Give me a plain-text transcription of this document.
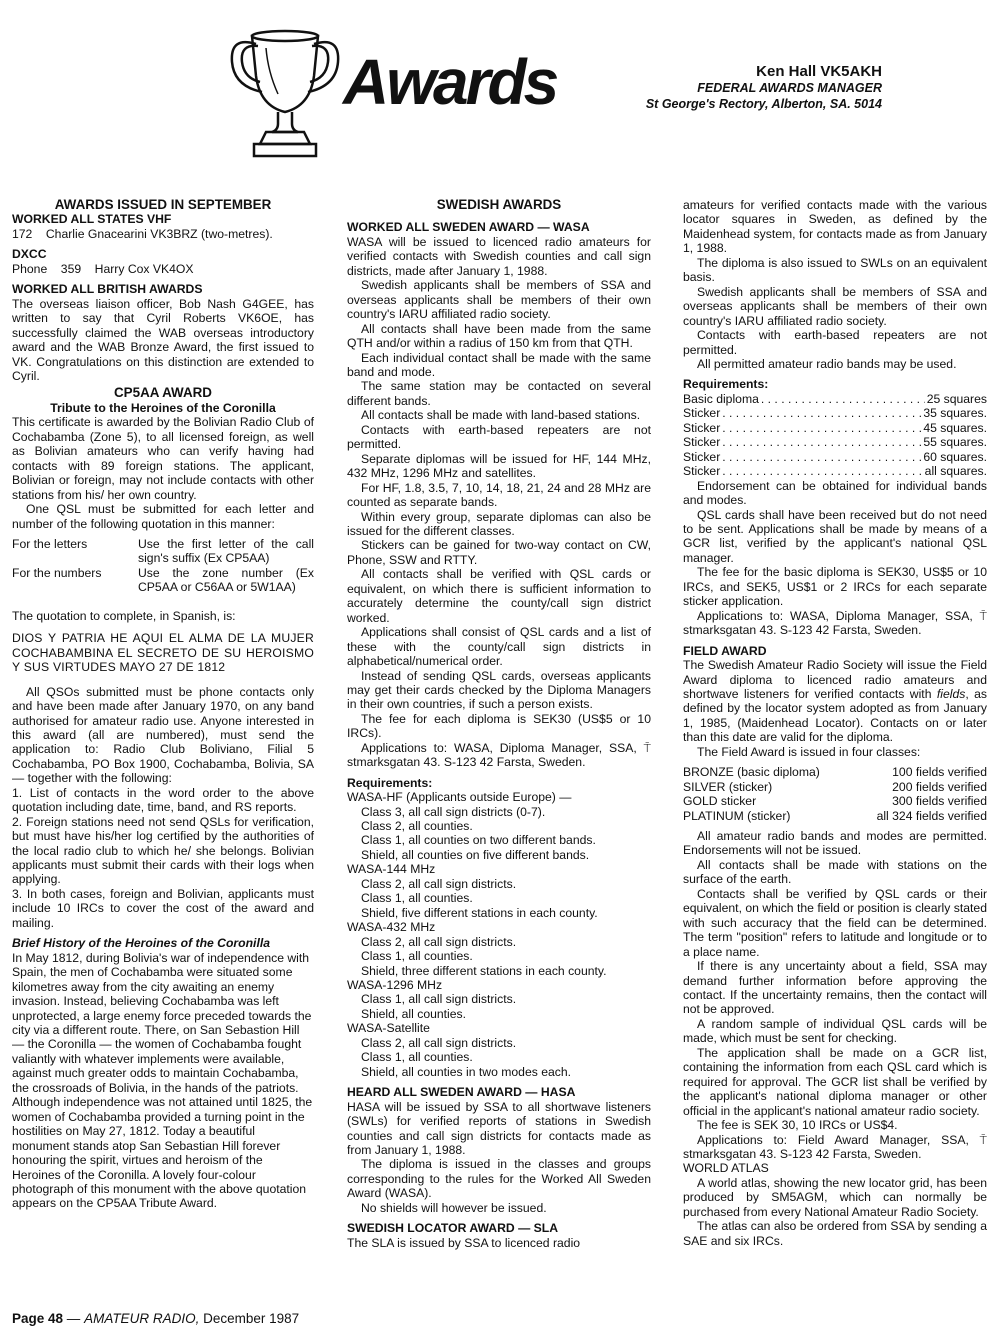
Awards	Ken Hall VK5AKH
FEDERAL AWARDS MANAGER
St George's Rectory, Alberton, SA. 5014

AWARDS ISSUED IN SEPTEMBER

WORKED ALL STATES VHF

172    Charlie Gnacearini VK3BRZ (two-metres).

DXCC

Phone    359    Harry Cox VK4OX

WORKED ALL BRITISH AWARDS

The overseas liaison officer, Bob Nash G4GEE, has written to say that Cyril Roberts VK6OE, has successfully claimed the WAB overseas introductory award and the WAB Bronze Award, the first issued to VK. Congratulations on this distinction are extended to Cyril.

CP5AA AWARD

Tribute to the Heroines of the Coronilla

This certificate is awarded by the Bolivian Radio Club of Cochabamba (Zone 5), to all licensed foreign, as well as Bolivian amateurs who can verify having had contacts with 89 foreign stations. The applicant, Bolivian or foreign, may not include contacts with other stations from his/ her own country.

One QSL must be submitted for each letter and number of the following quotation in this manner:

For the letters	Use the first letter of the call sign's suffix (Ex CP5AA)
For the numbers	Use the zone number (Ex CP5AA or C56AA or 5W1AA)

The quotation to complete, in Spanish, is:

DIOS Y PATRIA HE AQUI EL ALMA DE LA MUJER COCHABAMBINA EL SECRETO DE SU HEROISMO Y SUS VIRTUDES MAYO 27 DE 1812

All QSOs submitted must be phone contacts only and have been made after January 1970, on any band authorised for amateur radio use. Anyone interested in this award (all are numbered), must send the application to: Radio Club Boliviano, Filial 5 Cochabamba, PO Box 1900, Cochabamba, Bolivia, SA — together with the following:

1. List of contacts in the word order to the above quotation including date, time, band, and RS reports.

2. Foreign stations need not send QSLs for verification, but must have his/her log certified by the authorities of the local radio club to which he/ she belongs. Bolivian applicants must submit their cards with their logs when applying.

3. In both cases, foreign and Bolivian, applicants must include 10 IRCs to cover the cost of the award and mailing.

Brief History of the Heroines of the Coronilla

In May 1812, during Bolivia's war of independence with Spain, the men of Cochabamba were situated some kilometres away from the city awaiting an enemy invasion. Instead, believing Cochabamba was left unprotected, a large enemy force preceded towards the city via a different route. There, on San Sebastion Hill — the Coronilla — the women of Cochabamba fought valiantly with whatever implements were available, against much greater odds to maintain Cochabamba, the crossroads of Bolivia, in the hands of the patriots. Although independence was not attained until 1825, the women of Cochabamba provided a turning point in the hostilities on May 27, 1812. Today a beautiful monument stands atop San Sebastian Hill forever honouring the spirit, virtues and heroism of the Heroines of the Coronilla. A lovely four-colour photograph of this monument with the above quotation appears on the CP5AA Tribute Award.

SWEDISH AWARDS

WORKED ALL SWEDEN AWARD — WASA

WASA will be issued to licenced radio amateurs for verified contacts with Swedish counties and call sign districts, made after January 1, 1988.

Swedish applicants shall be members of SSA and overseas applicants shall be members of their own country's IARU affiliated radio society.

All contacts shall have been made from the same QTH and/or within a radius of 150 km from that QTH.

Each individual contact shall be made with the same band and mode.

The same station may be contacted on several different bands.

All contacts shall be made with land-based stations.

Contacts with earth-based repeaters are not permitted.

Separate diplomas will be issued for HF, 144 MHz, 432 MHz, 1296 MHz and satellites.

For HF, 1.8, 3.5, 7, 10, 14, 18, 21, 24 and 28 MHz are counted as separate bands.

Within every group, separate diplomas can also be issued for the different classes.

Stickers can be gained for two-way contact on CW, Phone, SSW and RTTY.

All contacts shall be verified with QSL cards or equivalent, on which there is sufficient information to accurately determine the county/call sign district worked.

Applications shall consist of QSL cards and a list of these with the county/call sign districts in alphabetical/numerical order.

Instead of sending QSL cards, overseas applicants may get their cards checked by the Diploma Managers in their own countries, if such a person exists.

The fee for each diploma is SEK30 (US$5 or 10 IRCs).

Applications to: WASA, Diploma Manager, SSA, ⍑ stmarksgatan 43. S-123 42 Farsta, Sweden.

Requirements:

WASA-HF (Applicants outside Europe) —

Class 3, all call sign districts (0-7).

Class 2, all counties.

Class 1, all counties on two different bands.

Shield, all counties on five different bands.

WASA-144 MHz

Class 2, all call sign districts.

Class 1, all counties.

Shield, five different stations in each county.

WASA-432 MHz

Class 2, all call sign districts.

Class 1, all counties.

Shield, three different stations in each county.

WASA-1296 MHz

Class 1, all call sign districts.

Shield, all counties.

WASA-Satellite

Class 2, all call sign districts.

Class 1, all counties.

Shield, all counties in two modes each.

HEARD ALL SWEDEN AWARD — HASA

HASA will be issued by SSA to all shortwave listeners (SWLs) for verified reports of stations in Swedish counties and call sign districts for contacts made as from January 1, 1988.

The diploma is issued in the classes and groups corresponding to the rules for the Worked All Sweden Award (WASA).

No shields will however be issued.

SWEDISH LOCATOR AWARD — SLA

The SLA is issued by SSA to licenced radio

amateurs for verified contacts made with the various locator squares in Sweden, as defined by the Maidenhead system, for contacts made as from January 1, 1988.

The diploma is also issued to SWLs on an equivalent basis.

Swedish applicants shall be members of SSA and overseas applicants shall be members of their own country's IARU affiliated radio society.

Contacts with earth-based repeaters are not permitted.

All permitted amateur radio bands may be used.

Requirements:

Basic diploma . . .	25 squares
Sticker . . .	35 squares.
Sticker . . .	45 squares.
Sticker . . .	55 squares.
Sticker . . .	60 squares.
Sticker . . .	all squares.

Endorsement can be obtained for individual bands and modes.

QSL cards shall have been received but do not need to be sent. Applications shall be made by means of a GCR list, verified by the applicant's national QSL manager.

The fee for the basic diploma is SEK30, US$5 or 10 IRCs, and SEK5, US$1 or 2 IRCs for each separate sticker application.

Applications to: WASA, Diploma Manager, SSA, ⍑ stmarksgatan 43. S-123 42 Farsta, Sweden.

FIELD AWARD

The Swedish Amateur Radio Society will issue the Field Award diploma to licenced radio amateurs and shortwave listeners for verified contacts with fields, as defined by the locator system adopted as from January 1, 1985, (Maidenhead Locator). Contacts on or later than this date are valid for the diploma.

The Field Award is issued in four classes:

BRONZE (basic diploma)	100 fields verified
SILVER (sticker)	200 fields verified
GOLD sticker	300 fields verified
PLATINUM (sticker)	all 324 fields verified

All amateur radio bands and modes are permitted. Endorsements will not be issued.

All contacts shall be made with stations on the surface of the earth.

Contacts shall be verified by QSL cards or their equivalent, on which the field or position is clearly stated with such accuracy that the field can be determined. The term "position" refers to latitude and longitude or to a place name.

If there is any uncertainty about a field, SSA may demand further information before approving the contact. If the uncertainty remains, then the contact will not be approved.

A random sample of individual QSL cards will be made, which must be sent for checking.

The application shall be made on a GCR list, containing the information from each QSL card which is required for approval. The GCR list shall be verified by the applicant's national diploma manager or other official in the applicant's national amateur radio society.

The fee is SEK 30, 10 IRCs or US$4.

Applications to: Field Award Manager, SSA, ⍑ stmarksgatan 43. S-123 42 Farsta, Sweden.

WORLD ATLAS

A world atlas, showing the new locator grid, has been produced by SM5AGM, which can normally be purchased from every National Amateur Radio Society.

The atlas can also be ordered from SSA by sending a SAE and six IRCs.

Page 48 — AMATEUR RADIO, December 1987
